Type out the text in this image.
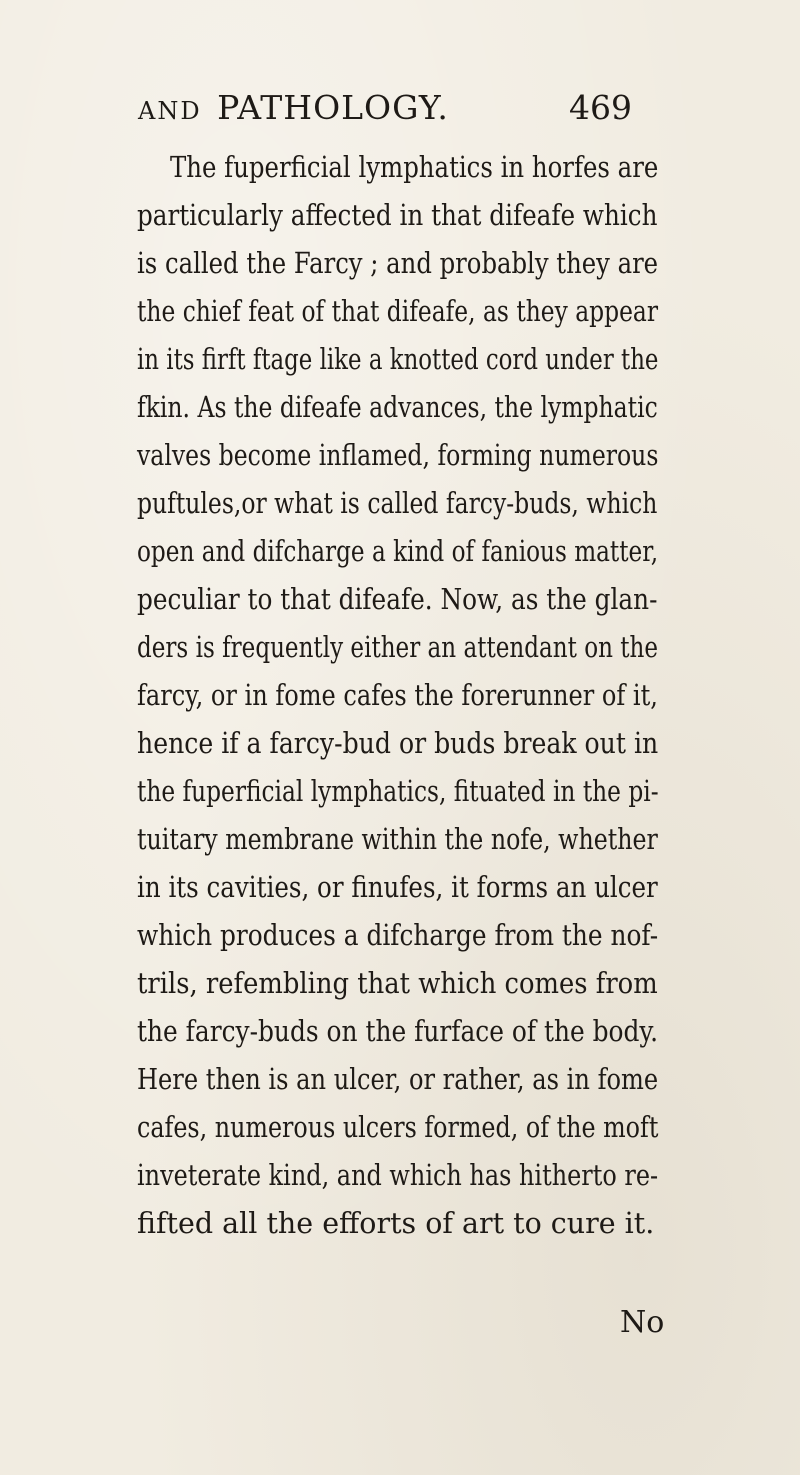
AND PATHOLOGY.	469
The fuperficial lymphatics in horfes are
particularly affected in that difeafe which
is called the Farcy ; and probably they are
the chief feat of that difeafe, as they appear
in its firft ftage like a knotted cord under the
fkin. As the difeafe advances, the lymphatic
valves become inflamed, forming numerous
puftules,or what is called farcy-buds, which
open and difcharge a kind of fanious matter,
peculiar to that difeafe. Now, as the glan-
ders is frequently either an attendant on the
farcy, or in fome cafes the forerunner of it,
hence if a farcy-bud or buds break out in
the fuperficial lymphatics, fituated in the pi-
tuitary membrane within the nofe, whether
in its cavities, or finufes, it forms an ulcer
which produces a difcharge from the nof-
trils, refembling that which comes from
the farcy-buds on the furface of the body.
Here then is an ulcer, or rather, as in fome
cafes, numerous ulcers formed, of the moft
inveterate kind, and which has hitherto re-
fifted all the efforts of art to cure it.
No
